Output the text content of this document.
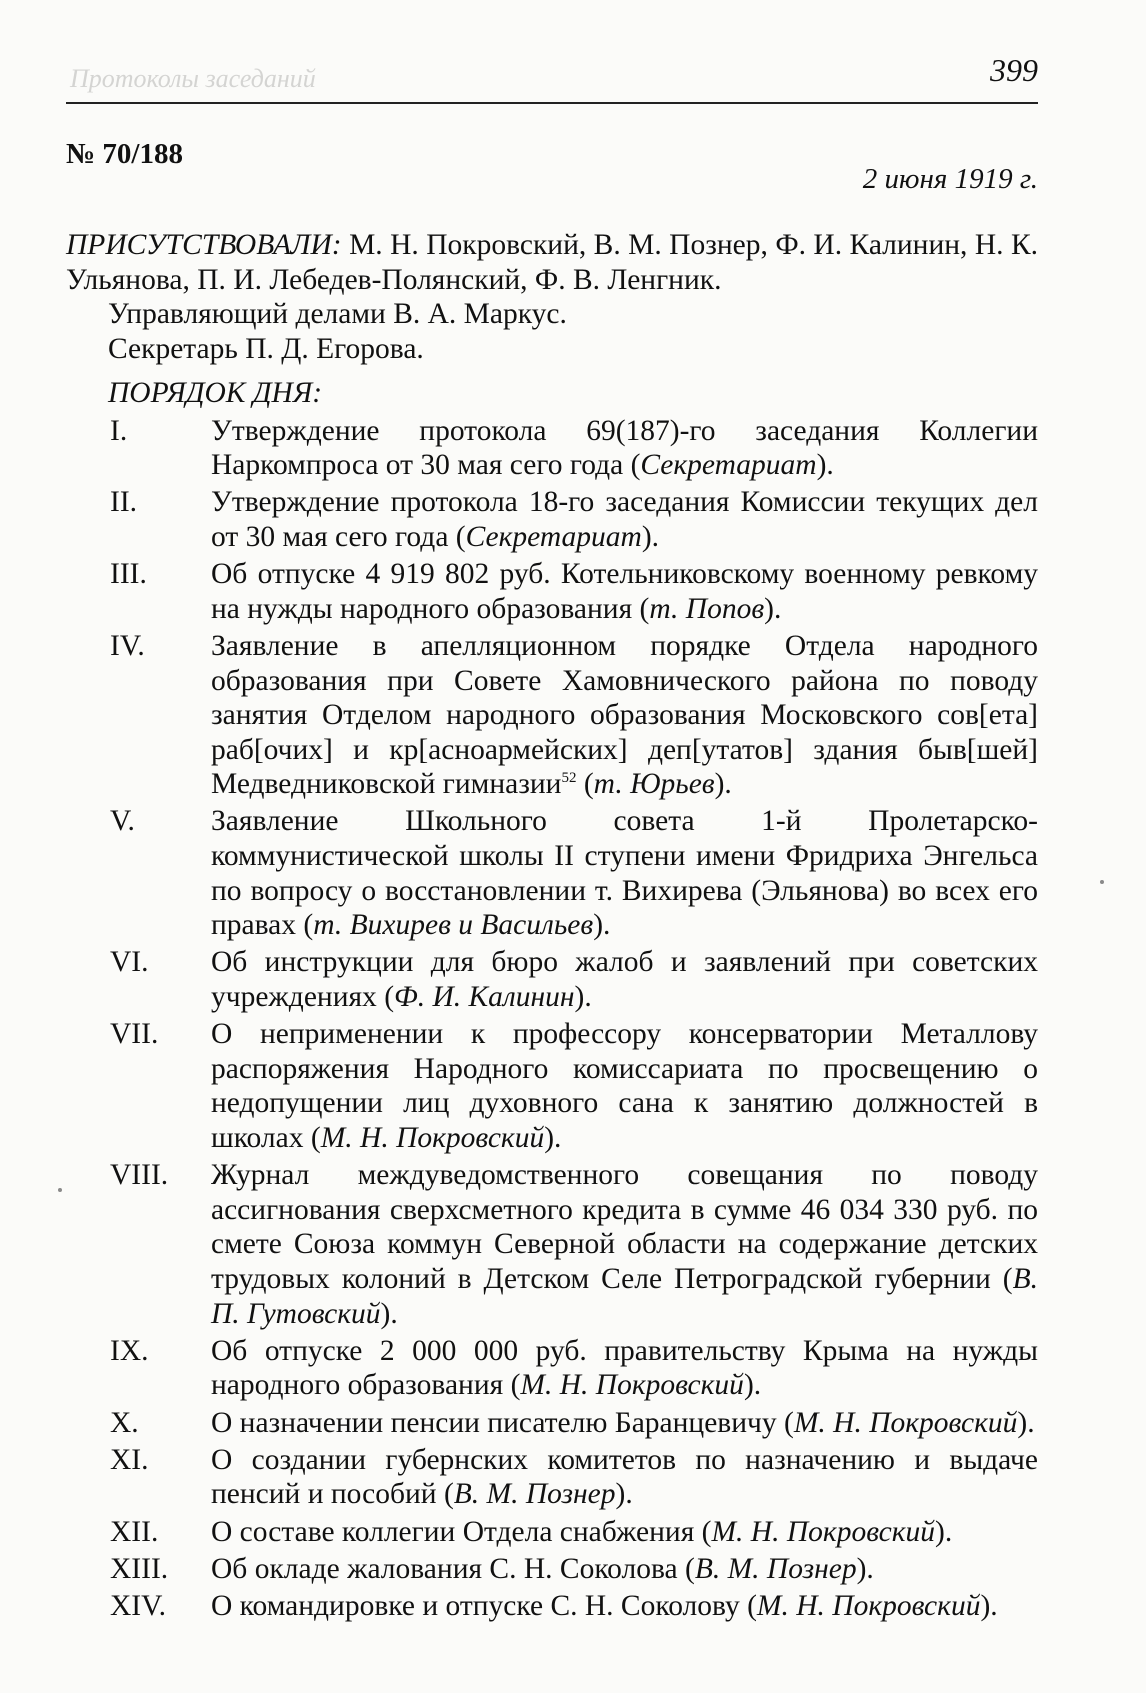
Протоколы заседаний	399
№ 70/188
2 июня 1919 г.

ПРИСУТСТВОВАЛИ: М. Н. Покровский, В. М. Познер, Ф. И. Калинин, Н. К. Ульянова, П. И. Лебедев-Полянский, Ф. В. Ленгник.

Управляющий делами В. А. Маркус.

Секретарь П. Д. Егорова.

ПОРЯДОК ДНЯ:

I.	Утверждение протокола 69(187)-го заседания Коллегии Наркомпроса от 30 мая сего года (Секретариат).
II.	Утверждение протокола 18-го заседания Комиссии текущих дел от 30 мая сего года (Секретариат).
III.	Об отпуске 4 919 802 руб. Котельниковскому военному ревкому на нужды народного образования (т. Попов).
IV.	Заявление в апелляционном порядке Отдела народного образования при Совете Хамовнического района по поводу занятия Отделом народного образования Московского сов[ета] раб[очих] и кр[асноармейских] деп[утатов] здания быв[шей] Медведниковской гимназии$^{52}$ (т. Юрьев).
V.	Заявление Школьного совета 1-й Пролетарско-коммунистической школы II ступени имени Фридриха Энгельса по вопросу о восстановлении т. Вихирева (Эльянова) во всех его правах (т. Вихирев и Васильев).
VI.	Об инструкции для бюро жалоб и заявлений при советских учреждениях (Ф. И. Калинин).
VII.	О неприменении к профессору консерватории Металлову распоряжения Народного комиссариата по просвещению о недопущении лиц духовного сана к занятию должностей в школах (М. Н. Покровский).
VIII.	Журнал междуведомственного совещания по поводу ассигнования сверхсметного кредита в сумме 46 034 330 руб. по смете Союза коммун Северной области на содержание детских трудовых колоний в Детском Селе Петроградской губернии (В. П. Гутовский).
IX.	Об отпуске 2 000 000 руб. правительству Крыма на нужды народного образования (М. Н. Покровский).
X.	О назначении пенсии писателю Баранцевичу (М. Н. Покровский).
XI.	О создании губернских комитетов по назначению и выдаче пенсий и пособий (В. М. Познер).
XII.	О составе коллегии Отдела снабжения (М. Н. Покровский).
XIII.	Об окладе жалования С. Н. Соколова (В. М. Познер).
XIV.	О командировке и отпуске С. Н. Соколову (М. Н. Покровский).
